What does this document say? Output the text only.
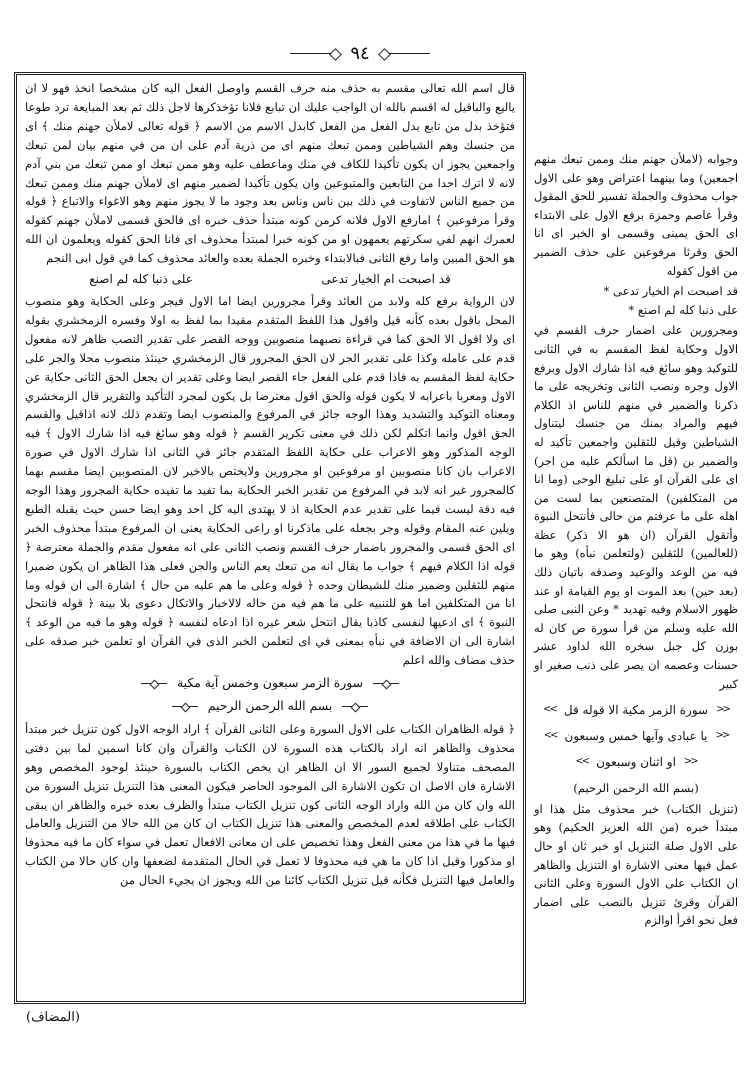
٩٤

قال اسم الله تعالى مقسم به حذف منه حرف القسم واوصل الفعل اليه كان مشخصا انخذ فهو لا ان ياليع والباقيل له اقسم بالله ان الواجب عليك ان تبابع فلانا تؤخذكرها لاجل ذلك ثم بعد المبايعة ترد طوعا فتؤخذ بدل من تابع بدل الفعل من الفعل كابدل الاسم من الاسم ﴿ قوله تعالى لاملأن جهنم منك ﴾ اى من جنسك وهم الشياطين وممن تبعك منهم اى من ذرية آدم على ان من في منهم بيان لمن تبعك واجمعين يجوز ان يكون تأكيدا للكاف في منك وماعطف عليه وهو ممن تبعك او ممن تبعك من بني آدم لانه لا اترك احدا من التابعين والمتبوعين وان يكون تأكيدا لضمير منهم اى لاملأن جهنم منك وممن تبعك من جميع الناس لاتفاوت في ذلك بين ناس وناس بعد وجود ما لا يجوز منهم وهو الاغواء والاتباع ﴿ قوله وقرأ مرفوعين ﴾ امارفع الاول فلانه كرمن كونه مبتدأ حذف خبره اى فالحق قسمى لاملأن جهنم كقوله لعمرك انهم لفي سكرتهم يعمهون او من كونه خبرا لمبتدأ محذوف اى فانا الحق كقوله ويعلمون ان الله هو الحق المبين واما رفع الثانى فبالابتداء وخبره الجملة بعده والعائد محذوف كما في قول ابى النجم

قد اصبحت ام الخيار تدعى
على ذنبا كله لم اصنع

لان الرواية برفع كله ولابد من العائد وقرأ مجرورين ايضا اما الاول فيجر وعلى الحكاية وهو منصوب المحل باقول بعده كأنه قيل واقول هذا اللفظ المتقدم مقيدا بما لفظ به اولا وفسره الزمخشري بقوله اى ولا اقول الا الحق كما في قراءة نصبهما منصوبين ووجه القصر على تقدير النصب ظاهر لانه مفعول قدم على عامله وكذا على تقدير الجر لان الحق المجرور قال الزمخشري حينئذ منصوب محلا والجر على حكاية لفظ المقسم به فاذا قدم على الفعل جاء القصر ايضا وعلى تقدير ان يجعل الحق الثانى حكاية عن الاول ومعربا باعرابه لا يكون قوله والحق اقول معترضا بل يكون لمجرد التأكيد والتقرير قال الزمخشري ومعناه التوكيد والتشديد وهذا الوجه جائز في المرفوع والمنصوب ايضا وتقدم ذلك لانه اذاقيل والقسم الحق اقول وانما اتكلم لكن ذلك في معنى تكرير القسم ﴿ قوله وهو سائغ فيه اذا شارك الاول ﴾ فيه الوجه المذكور وهو الاعراب على حكاية اللفظ المتقدم جائز في الثانى اذا شارك الاول في صورة الاعراب بان كانا منصوبين او مرفوعين او مجرورين ولايختص بالاخير لان المنصوبين ايضا مقسم بهما كالمجرور غير انه لابد في المرفوع من تقدير الخبر الحكاية بما تفيد ما تفيده حكاية المجرور وهذا الوجه فيه دقة ليست فيما على تقدير عدم الحكاية اذ لا يهتدى اليه كل احد وهو ايضا حسن حيث يقبله الطبع ويلين عنه المقام وقوله وجر بجعله على ماذكرنا او راعى الحكاية يعنى ان المرفوع مبتدأ محذوف الخبر اى الحق قسمى والمجرور باضمار حرف القسم ونصب الثانى على انه مفعول مقدم والجملة معترضة ﴿ قوله اذا الكلام فيهم ﴾ جواب ما يقال انه من تبعك يعم الناس والجن فعلى هذا الظاهر ان يكون ضميرا منهم للثقلين وضمير منك للشيطان وحده ﴿ قوله وعلى ما هم عليه من حال ﴾ اشارة الى ان قوله وما انا من المتكلفين اما هو للتنبيه على ما هم فيه من حاله لالاخبار والاتكال دعوى بلا بينة ﴿ قوله فانتحل النبوة ﴾ اى ادعيها لنفسى كاذبا يقال انتحل شعر غيره اذا ادعاه لنفسه ﴿ قوله وهو ما فيه من الوعد ﴾ اشارة الى ان الاضافة في نبأه بمعنى في اى لتعلمن الخبر الذى في القرآن او تعلمن خبر صدقه على حذف مضاف والله اعلم

سورة الزمر سبعون وخمس آية مكية
بسم الله الرحمن الرحيم

﴿ قوله الظاهران الكتاب على الاول السورة وعلى الثانى القرآن ﴾ اراد الوجه الاول كون تنزيل خبر مبتدأ محذوف والظاهر انه اراد بالكتاب هذه السورة لان الكتاب والقرآن وان كانا اسمين لما بين دفتى المصحف متناولا لجميع السور الا ان الظاهر ان يخص الكتاب بالسورة حينئذ لوجود المخصص وهو الاشارة فان الاصل ان تكون الاشارة الى الموجود الحاضر فيكون المعنى هذا التنزيل تنزيل السورة من الله وان كان من الله واراد الوجه الثانى كون تنزيل الكتاب مبتدأ والظرف بعده خبره والظاهر ان يبقى الكتاب على اطلاقه لعدم المخصص والمعنى هذا تنزيل الكتاب ان كان من الله حالا من التنزيل والعامل فيها ما في هذا من معنى الفعل وهذا تخصيص على ان معانى الافعال تعمل في سواء كان ما فيه محذوفا او مذكورا وقيل اذا كان ما هي فيه محذوفا لا تعمل في الحال المتقدمة لضعفها وان كان حالا من الكتاب والعامل فيها التنزيل فكأنه قيل تنزيل الكتاب كائنا من الله ويجوز ان يجيء الحال من

وجوابه (لاملأن جهنم منك وممن تبعك منهم اجمعين) وما بينهما اعتراض وهو على الاول جواب محذوف والجملة تفسير للحق المقول وقرأ عاصم وحمزة برفع الاول على الابتداء اى الحق يمينى وقسمى او الخبر اى انا الحق وقرئا مرفوعين على حذف الضمير من اقول كقوله

قد اصبحت ام الخيار تدعى *
على ذنبا كله لم اصنع *

ومجرورين على اضمار حرف القسم في الاول وحكاية لفظ المقسم به في الثانى للتوكيد وهو سائغ فيه اذا شارك الاول وبرفع الاول وجره ونصب الثانى وتخريجه على ما ذكرنا والضمير في منهم للناس اذ الكلام فيهم والمراد بمنك من جنسك ليتناول الشياطين وقيل للثقلين واجمعين تأكيد له والضمير بن (قل ما اسألكم عليه من اجر) اى على القرآن او على تبليغ الوحى (وما انا من المتكلفين) المتصنعين بما لست من اهله على ما عرفتم من حالى فأنتحل النبوة وأتقول القرآن (ان هو الا ذكر) عظة (للعالمين) للثقلين (ولتعلمن نبأه) وهو ما فيه من الوعد والوعيد وصدقه باتيان ذلك (بعد حين) بعد الموت او يوم القيامة او عند ظهور الاسلام وفيه تهديد * وعن النبى صلى الله عليه وسلم من قرأ سورة ص كان له بوزن كل جبل سخره الله لداود عشر حسنات وعصمه ان يصر على ذنب صغير او كبير

<<
سورة الزمر مكية الا قوله قل
>>
<<
يا عبادى وآيها خمس وسبعون
>>
<<
او اثنان وسبعون
>>
(بسم الله الرحمن الرحيم)

(تنزيل الكتاب) خبر محذوف مثل هذا او مبتدأ خبره (من الله العزيز الحكيم) وهو على الاول صلة التنزيل او خبر ثان او حال عمل فيها معنى الاشارة او التنزيل والظاهر ان الكتاب على الاول السورة وعلى الثانى القرآن وقرئ تنزيل بالنصب على اضمار فعل نحو اقرأ اوالزم

(المضاف)
